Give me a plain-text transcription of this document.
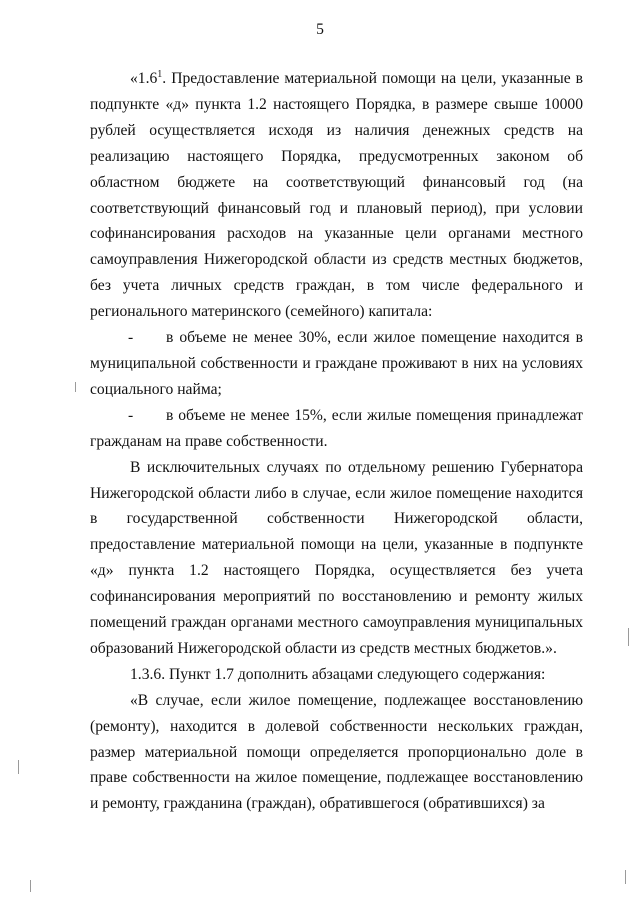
5

«$1.6^1$. Предоставление материальной помощи на цели, указанные в подпункте «д» пункта 1.2 настоящего Порядка, в размере свыше 10000 рублей осуществляется исходя из наличия денежных средств на реализацию настоящего Порядка, предусмотренных законом об областном бюджете на соответствующий финансовый год (на соответствующий финансовый год и плановый период), при условии софинансирования расходов на указанные цели органами местного самоуправления Нижегородской области из средств местных бюджетов, без учета личных средств граждан, в том числе федерального и регионального материнского (семейного) капитала:

- в объеме не менее 30%, если жилое помещение находится в муниципальной собственности и граждане проживают в них на условиях социального найма;

- в объеме не менее 15%, если жилые помещения принадлежат гражданам на праве собственности.

В исключительных случаях по отдельному решению Губернатора Нижегородской области либо в случае, если жилое помещение находится в государственной собственности Нижегородской области, предоставление материальной помощи на цели, указанные в подпункте «д» пункта 1.2 настоящего Порядка, осуществляется без учета софинансирования мероприятий по восстановлению и ремонту жилых помещений граждан органами местного самоуправления муниципальных образований Нижегородской области из средств местных бюджетов.».

1.3.6. Пункт 1.7 дополнить абзацами следующего содержания:

«В случае, если жилое помещение, подлежащее восстановлению (ремонту), находится в долевой собственности нескольких граждан, размер материальной помощи определяется пропорционально доле в праве собственности на жилое помещение, подлежащее восстановлению и ремонту, гражданина (граждан), обратившегося (обратившихся) за
